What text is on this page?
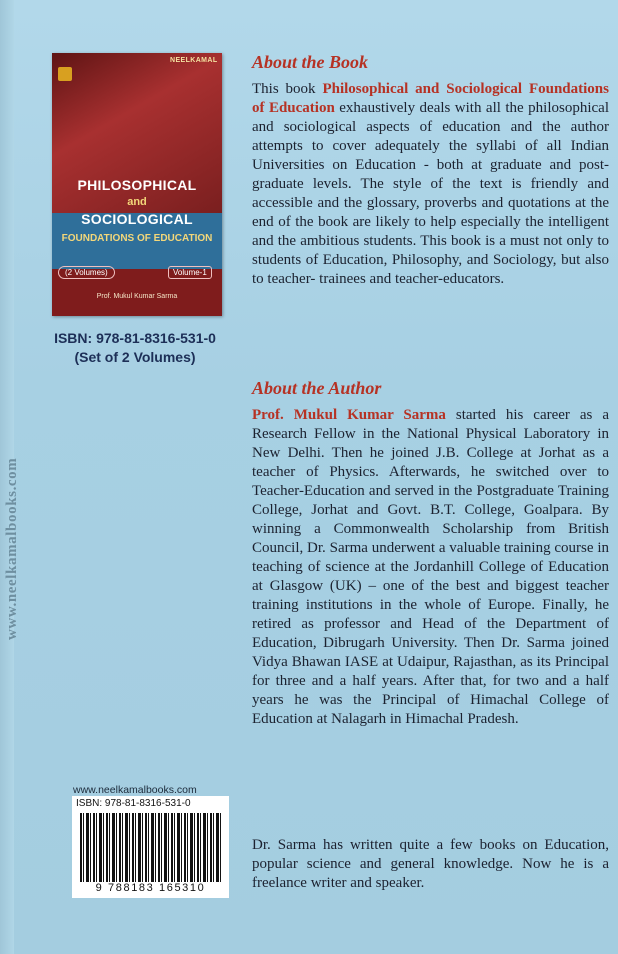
www.neelkamalbooks.com
NEELKAMAL
PHILOSOPHICAL
and
SOCIOLOGICAL
FOUNDATIONS OF EDUCATION
(2 Volumes)	Volume-1
Prof. Mukul Kumar Sarma
ISBN: 978-81-8316-531-0
(Set of 2 Volumes)
www.neelkamalbooks.com
ISBN: 978-81-8316-531-0
9 788183 165310
About the Book

This book Philosophical and Sociological Foundations of Education exhaustively deals with all the philosophical and sociological aspects of education and the author attempts to cover adequately the syllabi of all Indian Universities on Education - both at graduate and post-graduate levels. The style of the text is friendly and accessible and the glossary, proverbs and quotations at the end of the book are likely to help especially the intelligent and the ambitious students. This book is a must not only to students of Education, Philosophy, and Sociology, but also to teacher- trainees and teacher-educators.

About the Author

Prof. Mukul Kumar Sarma started his career as a Research Fellow in the National Physical Laboratory in New Delhi. Then he joined J.B. College at Jorhat as a teacher of Physics. Afterwards, he switched over to Teacher-Education and served in the Postgraduate Training College, Jorhat and Govt. B.T. College, Goalpara. By winning a Commonwealth Scholarship from British Council, Dr. Sarma underwent a valuable training course in teaching of science at the Jordanhill College of Education at Glasgow (UK) – one of the best and biggest teacher training institutions in the whole of Europe. Finally, he retired as professor and Head of the Department of Education, Dibrugarh University. Then Dr. Sarma joined Vidya Bhawan IASE at Udaipur, Rajasthan, as its Principal for three and a half years. After that, for two and a half years he was the Principal of Himachal College of Education at Nalagarh in Himachal Pradesh.

Dr. Sarma has written quite a few books on Education, popular science and general knowledge. Now he is a freelance writer and speaker.
